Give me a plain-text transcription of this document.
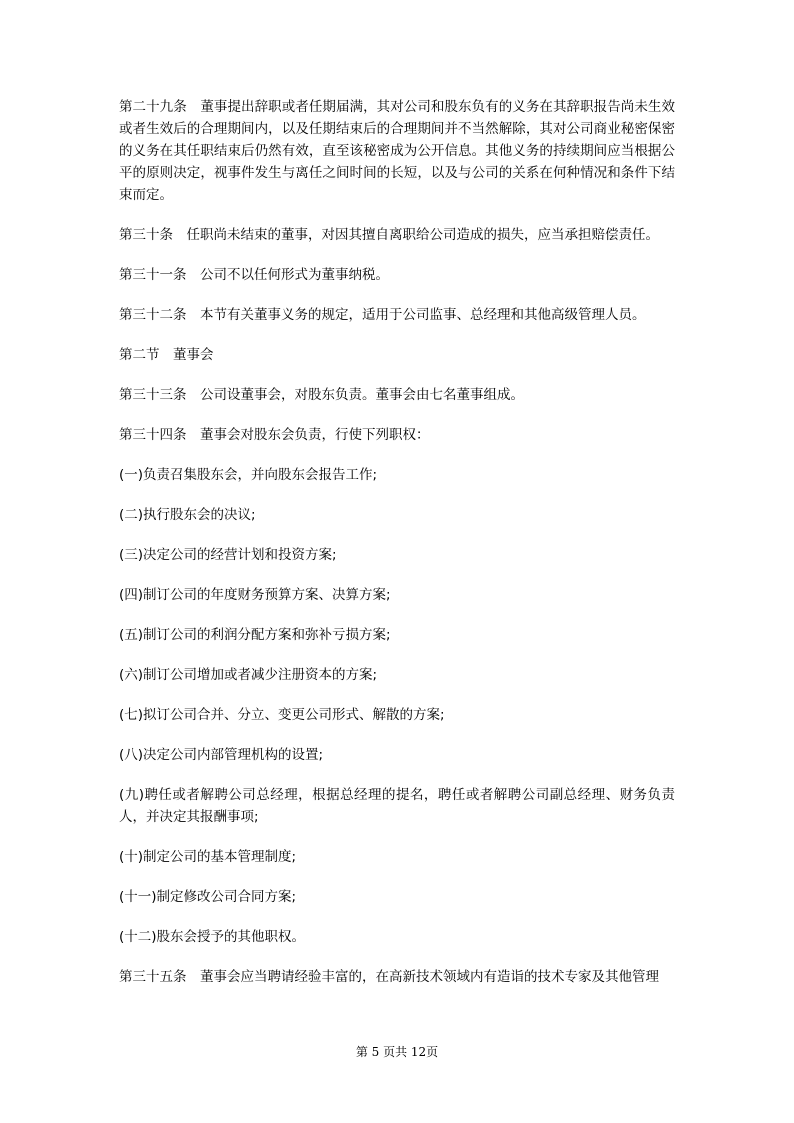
第二十九条　董事提出辞职或者任期届满，其对公司和股东负有的义务在其辞职报告尚未生效或者生效后的合理期间内，以及任期结束后的合理期间并不当然解除，其对公司商业秘密保密的义务在其任职结束后仍然有效，直至该秘密成为公开信息。其他义务的持续期间应当根据公平的原则决定，视事件发生与离任之间时间的长短，以及与公司的关系在何种情况和条件下结束而定。

第三十条　任职尚未结束的董事，对因其擅自离职给公司造成的损失，应当承担赔偿责任。

第三十一条　公司不以任何形式为董事纳税。

第三十二条　本节有关董事义务的规定，适用于公司监事、总经理和其他高级管理人员。

第二节　董事会

第三十三条　公司设董事会，对股东负责。董事会由七名董事组成。

第三十四条　董事会对股东会负责，行使下列职权：

(一)负责召集股东会，并向股东会报告工作;

(二)执行股东会的决议;

(三)决定公司的经营计划和投资方案;

(四)制订公司的年度财务预算方案、决算方案;

(五)制订公司的利润分配方案和弥补亏损方案;

(六)制订公司增加或者减少注册资本的方案;

(七)拟订公司合并、分立、变更公司形式、解散的方案;

(八)决定公司内部管理机构的设置;

(九)聘任或者解聘公司总经理，根据总经理的提名，聘任或者解聘公司副总经理、财务负责人，并决定其报酬事项;

(十)制定公司的基本管理制度;

(十一)制定修改公司合同方案;

(十二)股东会授予的其他职权。

第三十五条　董事会应当聘请经验丰富的，在高新技术领域内有造诣的技术专家及其他管理

第 5 页共 12页
